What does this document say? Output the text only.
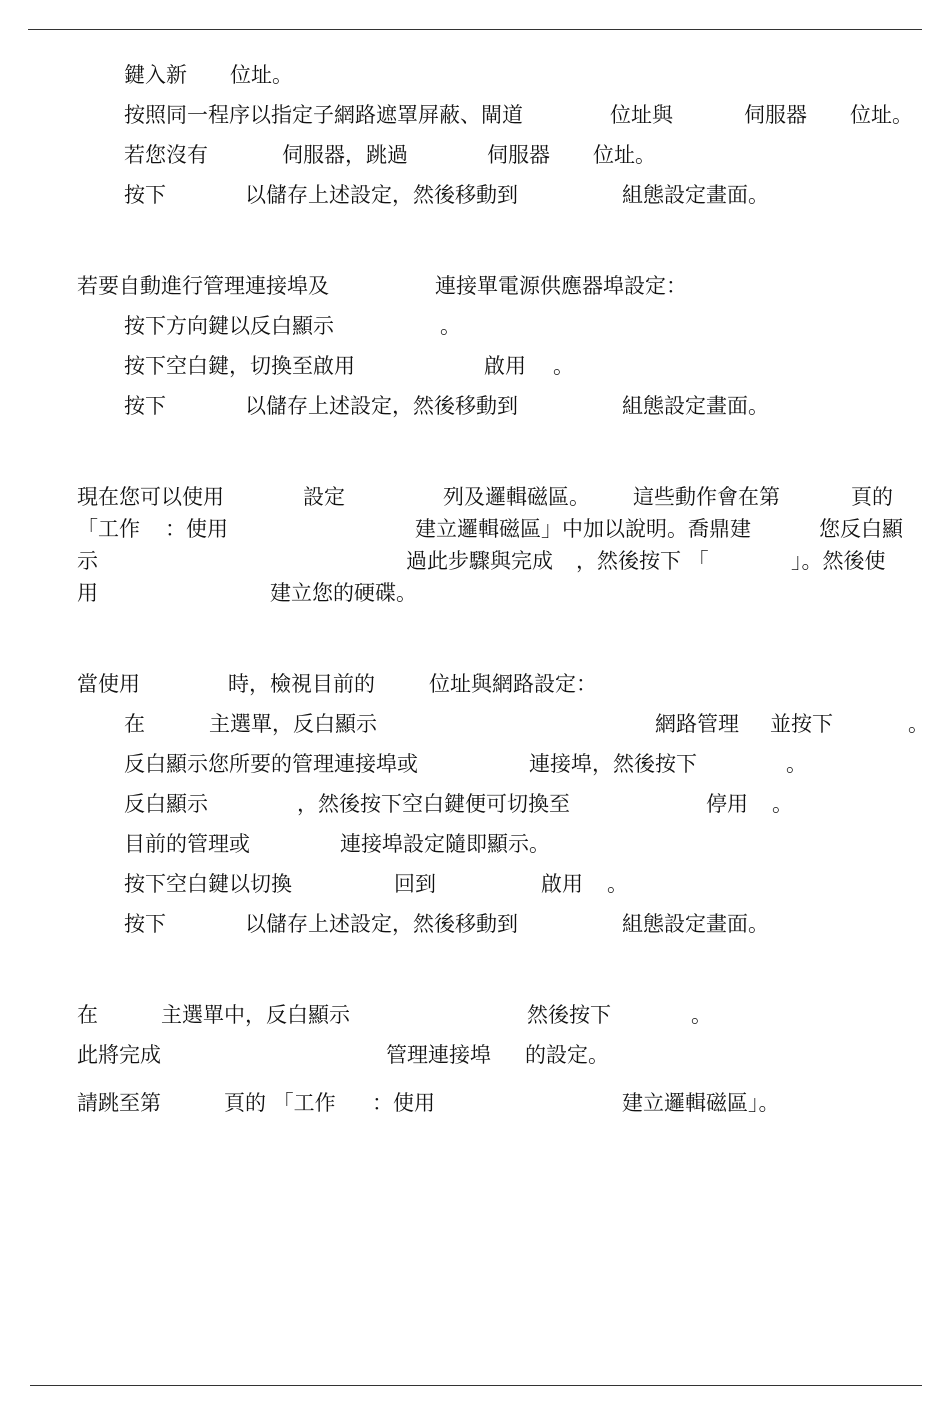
鍵入新 位址。
按照同一程序以指定子網路遮罩屏蔽、閘道	位址與	伺服器 位址。
若您沒有	伺服器，跳過	伺服器 位址。
按下	以儲存上述設定，然後移動到	組態設定畫面。
若要自動進行管理連接埠及	連接單電源供應器埠設定：
按下方向鍵以反白顯示	。
按下空白鍵，切換至啟用	啟用 。
按下	以儲存上述設定，然後移動到	組態設定畫面。
現在您可以使用	設定	列及邏輯磁區。 這些動作會在第	頁的
「工作 ：使用	建立邏輯磁區」中加以說明。喬鼎建	您反白顯
示	過此步驟與完成 ，然後按下 「	」。然後使
用	建立您的硬碟。
當使用	時，檢視目前的	位址與網路設定：
在	主選單，反白顯示	網路管理 並按下	。
反白顯示您所要的管理連接埠或	連接埠，然後按下	。
反白顯示	，然後按下空白鍵便可切換至	停用 。
目前的管理或	連接埠設定隨即顯示。
按下空白鍵以切換	回到	啟用 。
按下	以儲存上述設定，然後移動到	組態設定畫面。
在	主選單中，反白顯示	然後按下	。
此將完成	管理連接埠 的設定。
請跳至第	頁的 「工作 ：使用	建立邏輯磁區」。
